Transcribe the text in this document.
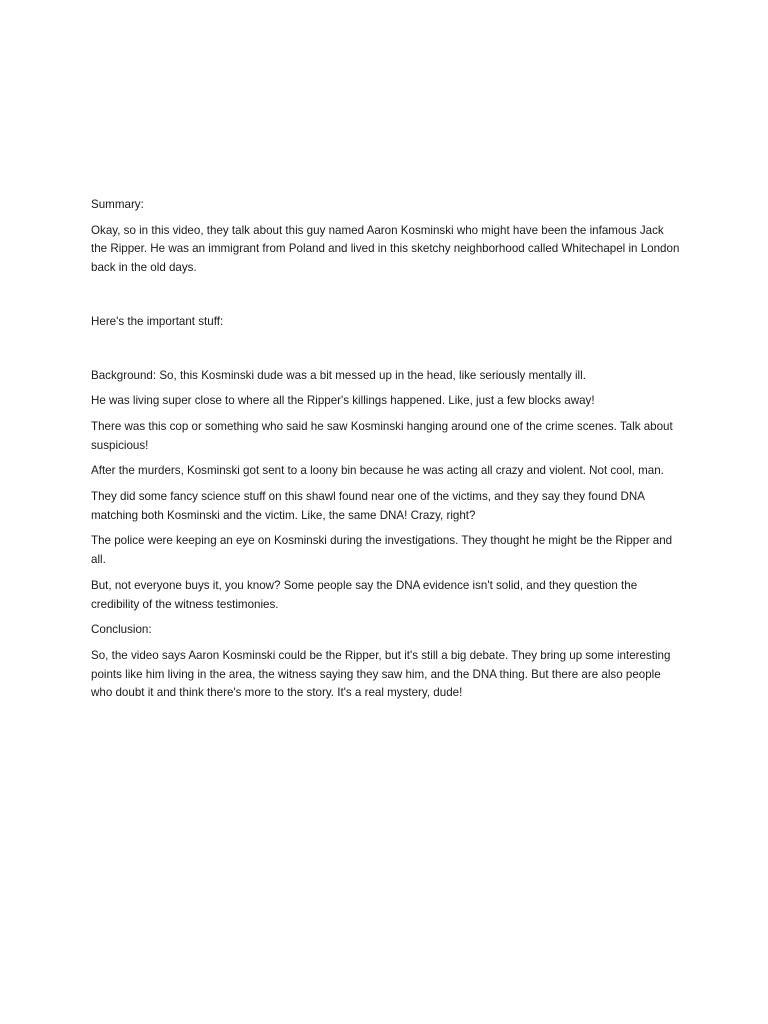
Summary:

Okay, so in this video, they talk about this guy named Aaron Kosminski who might have been the infamous Jack the Ripper. He was an immigrant from Poland and lived in this sketchy neighborhood called Whitechapel in London back in the old days.

Here's the important stuff:

Background: So, this Kosminski dude was a bit messed up in the head, like seriously mentally ill.

He was living super close to where all the Ripper's killings happened. Like, just a few blocks away!

There was this cop or something who said he saw Kosminski hanging around one of the crime scenes. Talk about suspicious!

After the murders, Kosminski got sent to a loony bin because he was acting all crazy and violent. Not cool, man.

They did some fancy science stuff on this shawl found near one of the victims, and they say they found DNA matching both Kosminski and the victim. Like, the same DNA! Crazy, right?

The police were keeping an eye on Kosminski during the investigations. They thought he might be the Ripper and all.

But, not everyone buys it, you know? Some people say the DNA evidence isn't solid, and they question the credibility of the witness testimonies.

Conclusion:

So, the video says Aaron Kosminski could be the Ripper, but it's still a big debate. They bring up some interesting points like him living in the area, the witness saying they saw him, and the DNA thing. But there are also people who doubt it and think there's more to the story. It's a real mystery, dude!
